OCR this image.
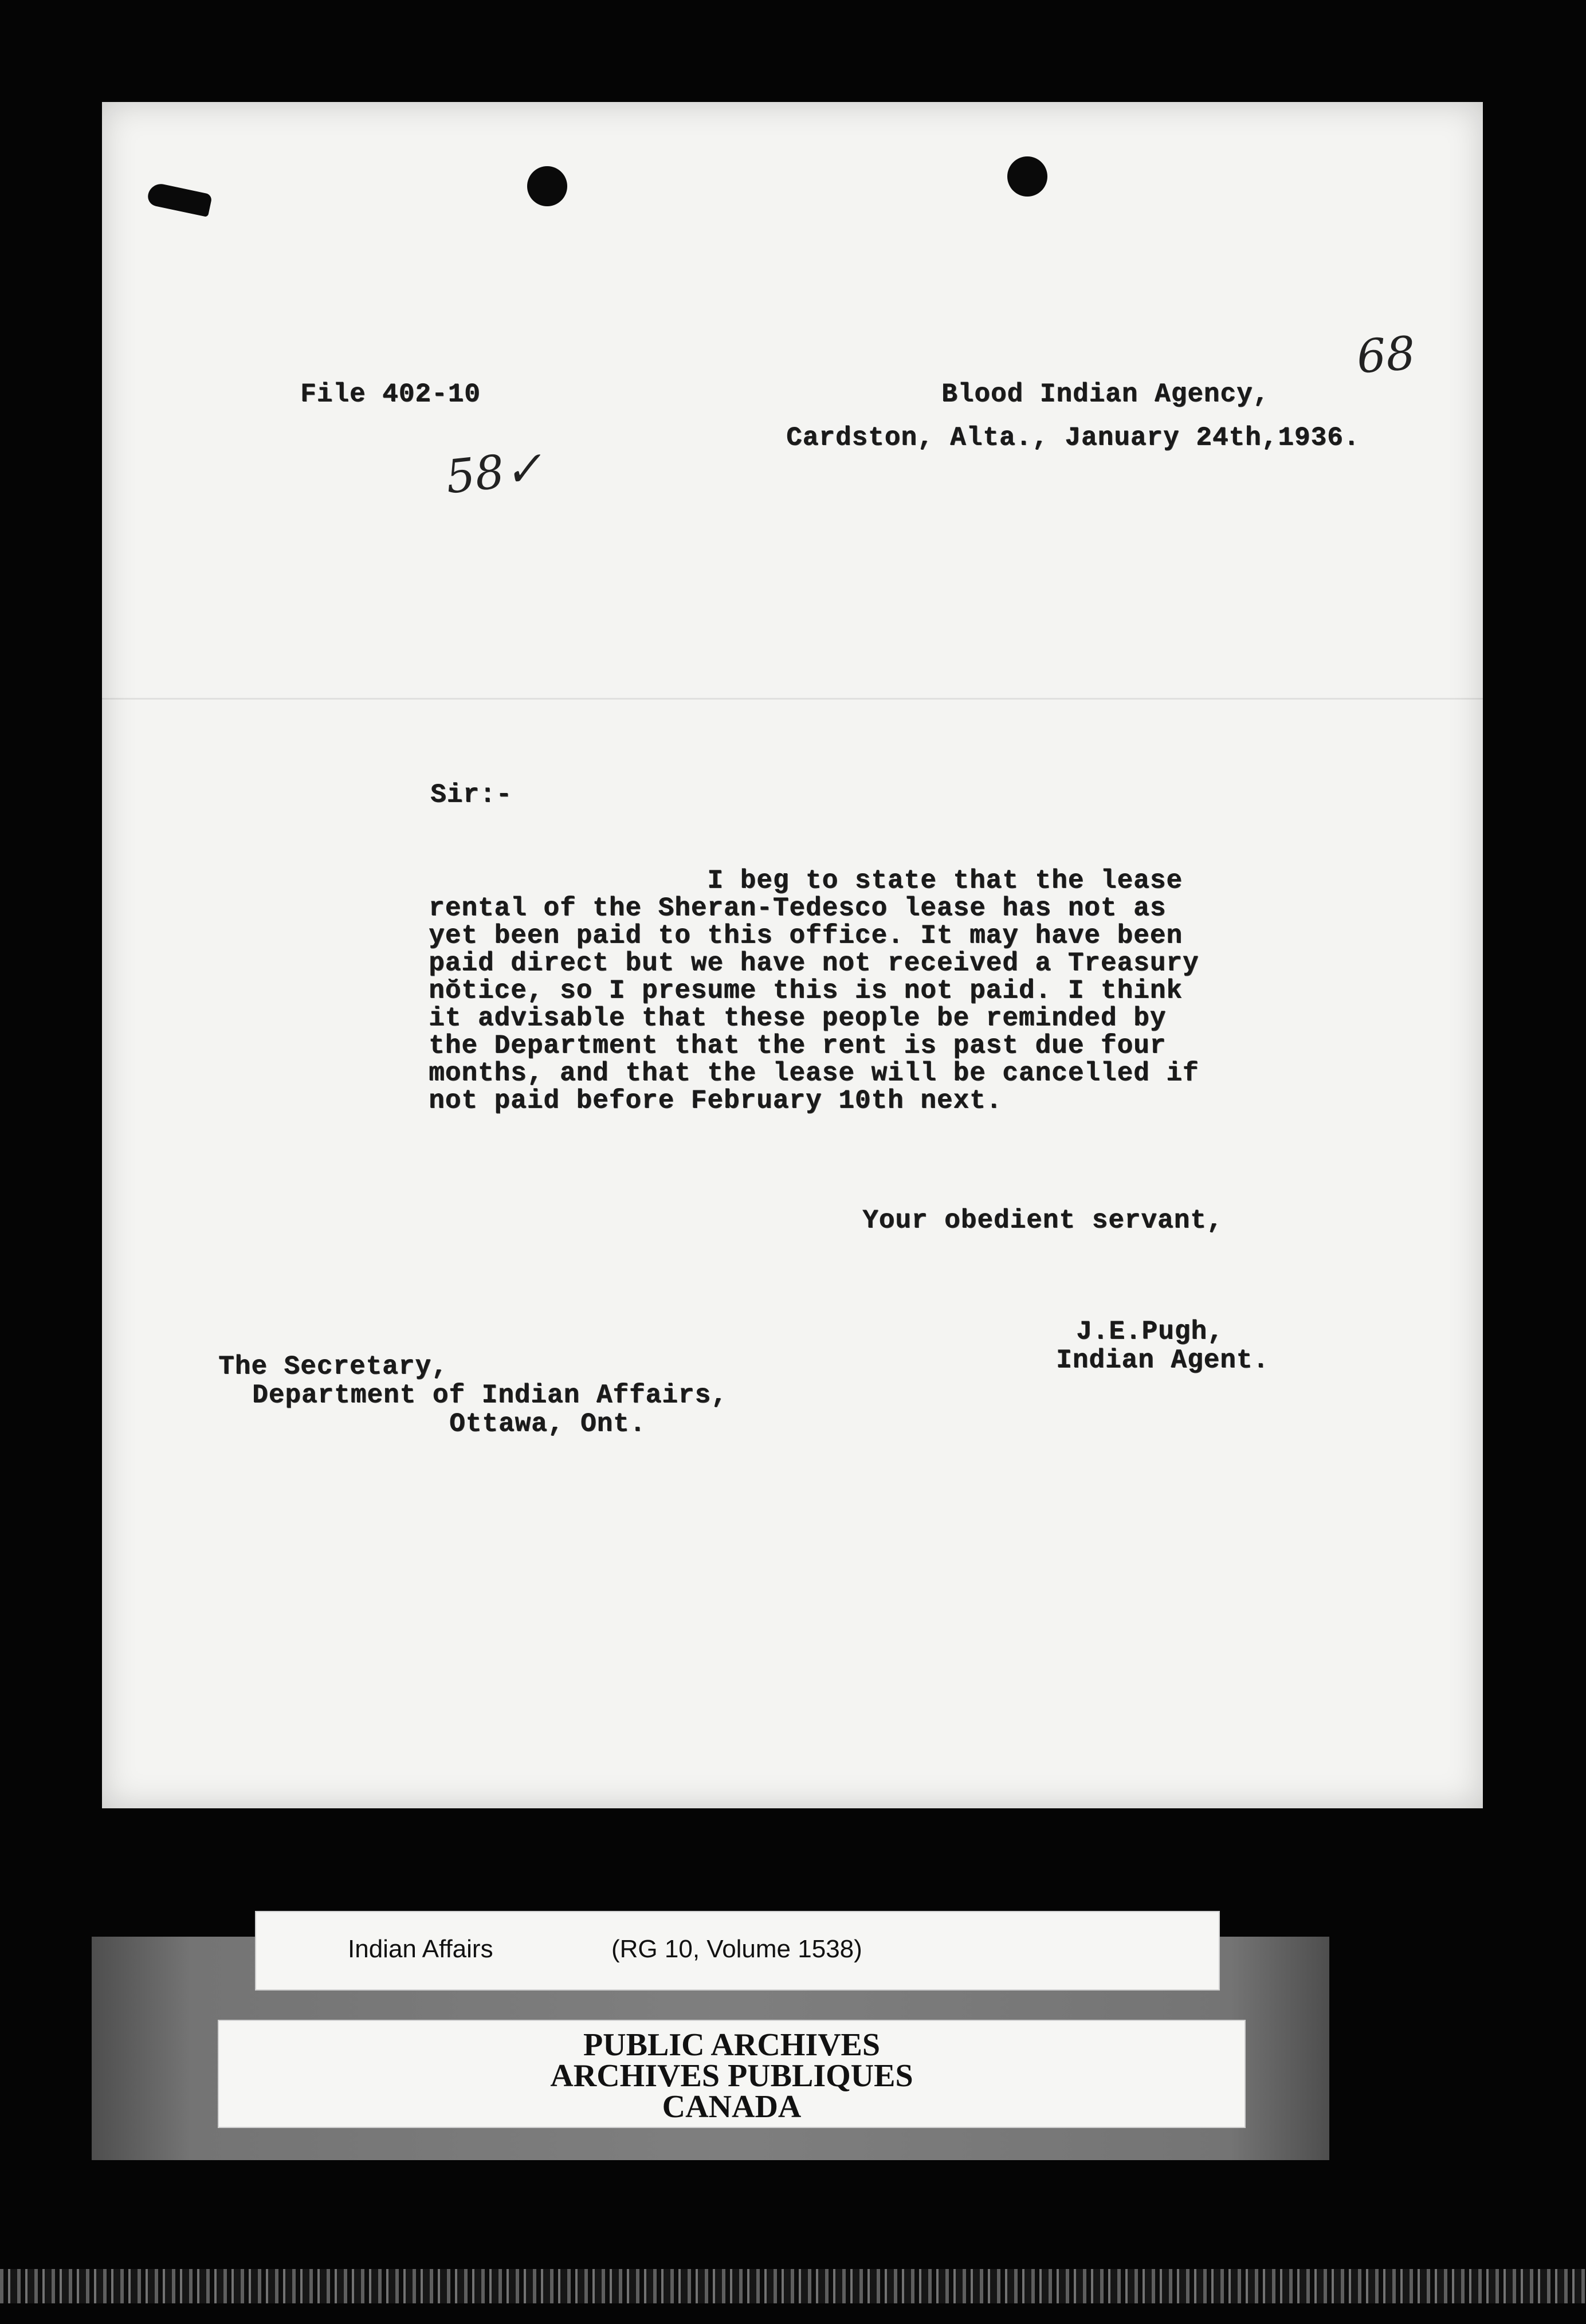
File 402-10	Blood Indian Agency,
Cardston, Alta., January 24th,1936.
68
58✓
Sir:-
I beg to state that the lease
rental of the Sheran-Tedesco lease has not as
yet been paid to this office. It may have been
paid direct but we have not received a Treasury
nŏtice, so I presume this is not paid. I think
it advisable that these people be reminded by
the Department that the rent is past due four
months, and that the lease will be cancelled if
not paid before February 10th next.
Your obedient servant,
J.E.Pugh,
Indian Agent.
The Secretary,
Department of Indian Affairs,
Ottawa, Ont.
Indian Affairs	(RG 10, Volume 1538)
PUBLIC ARCHIVES
ARCHIVES PUBLIQUES
CANADA
